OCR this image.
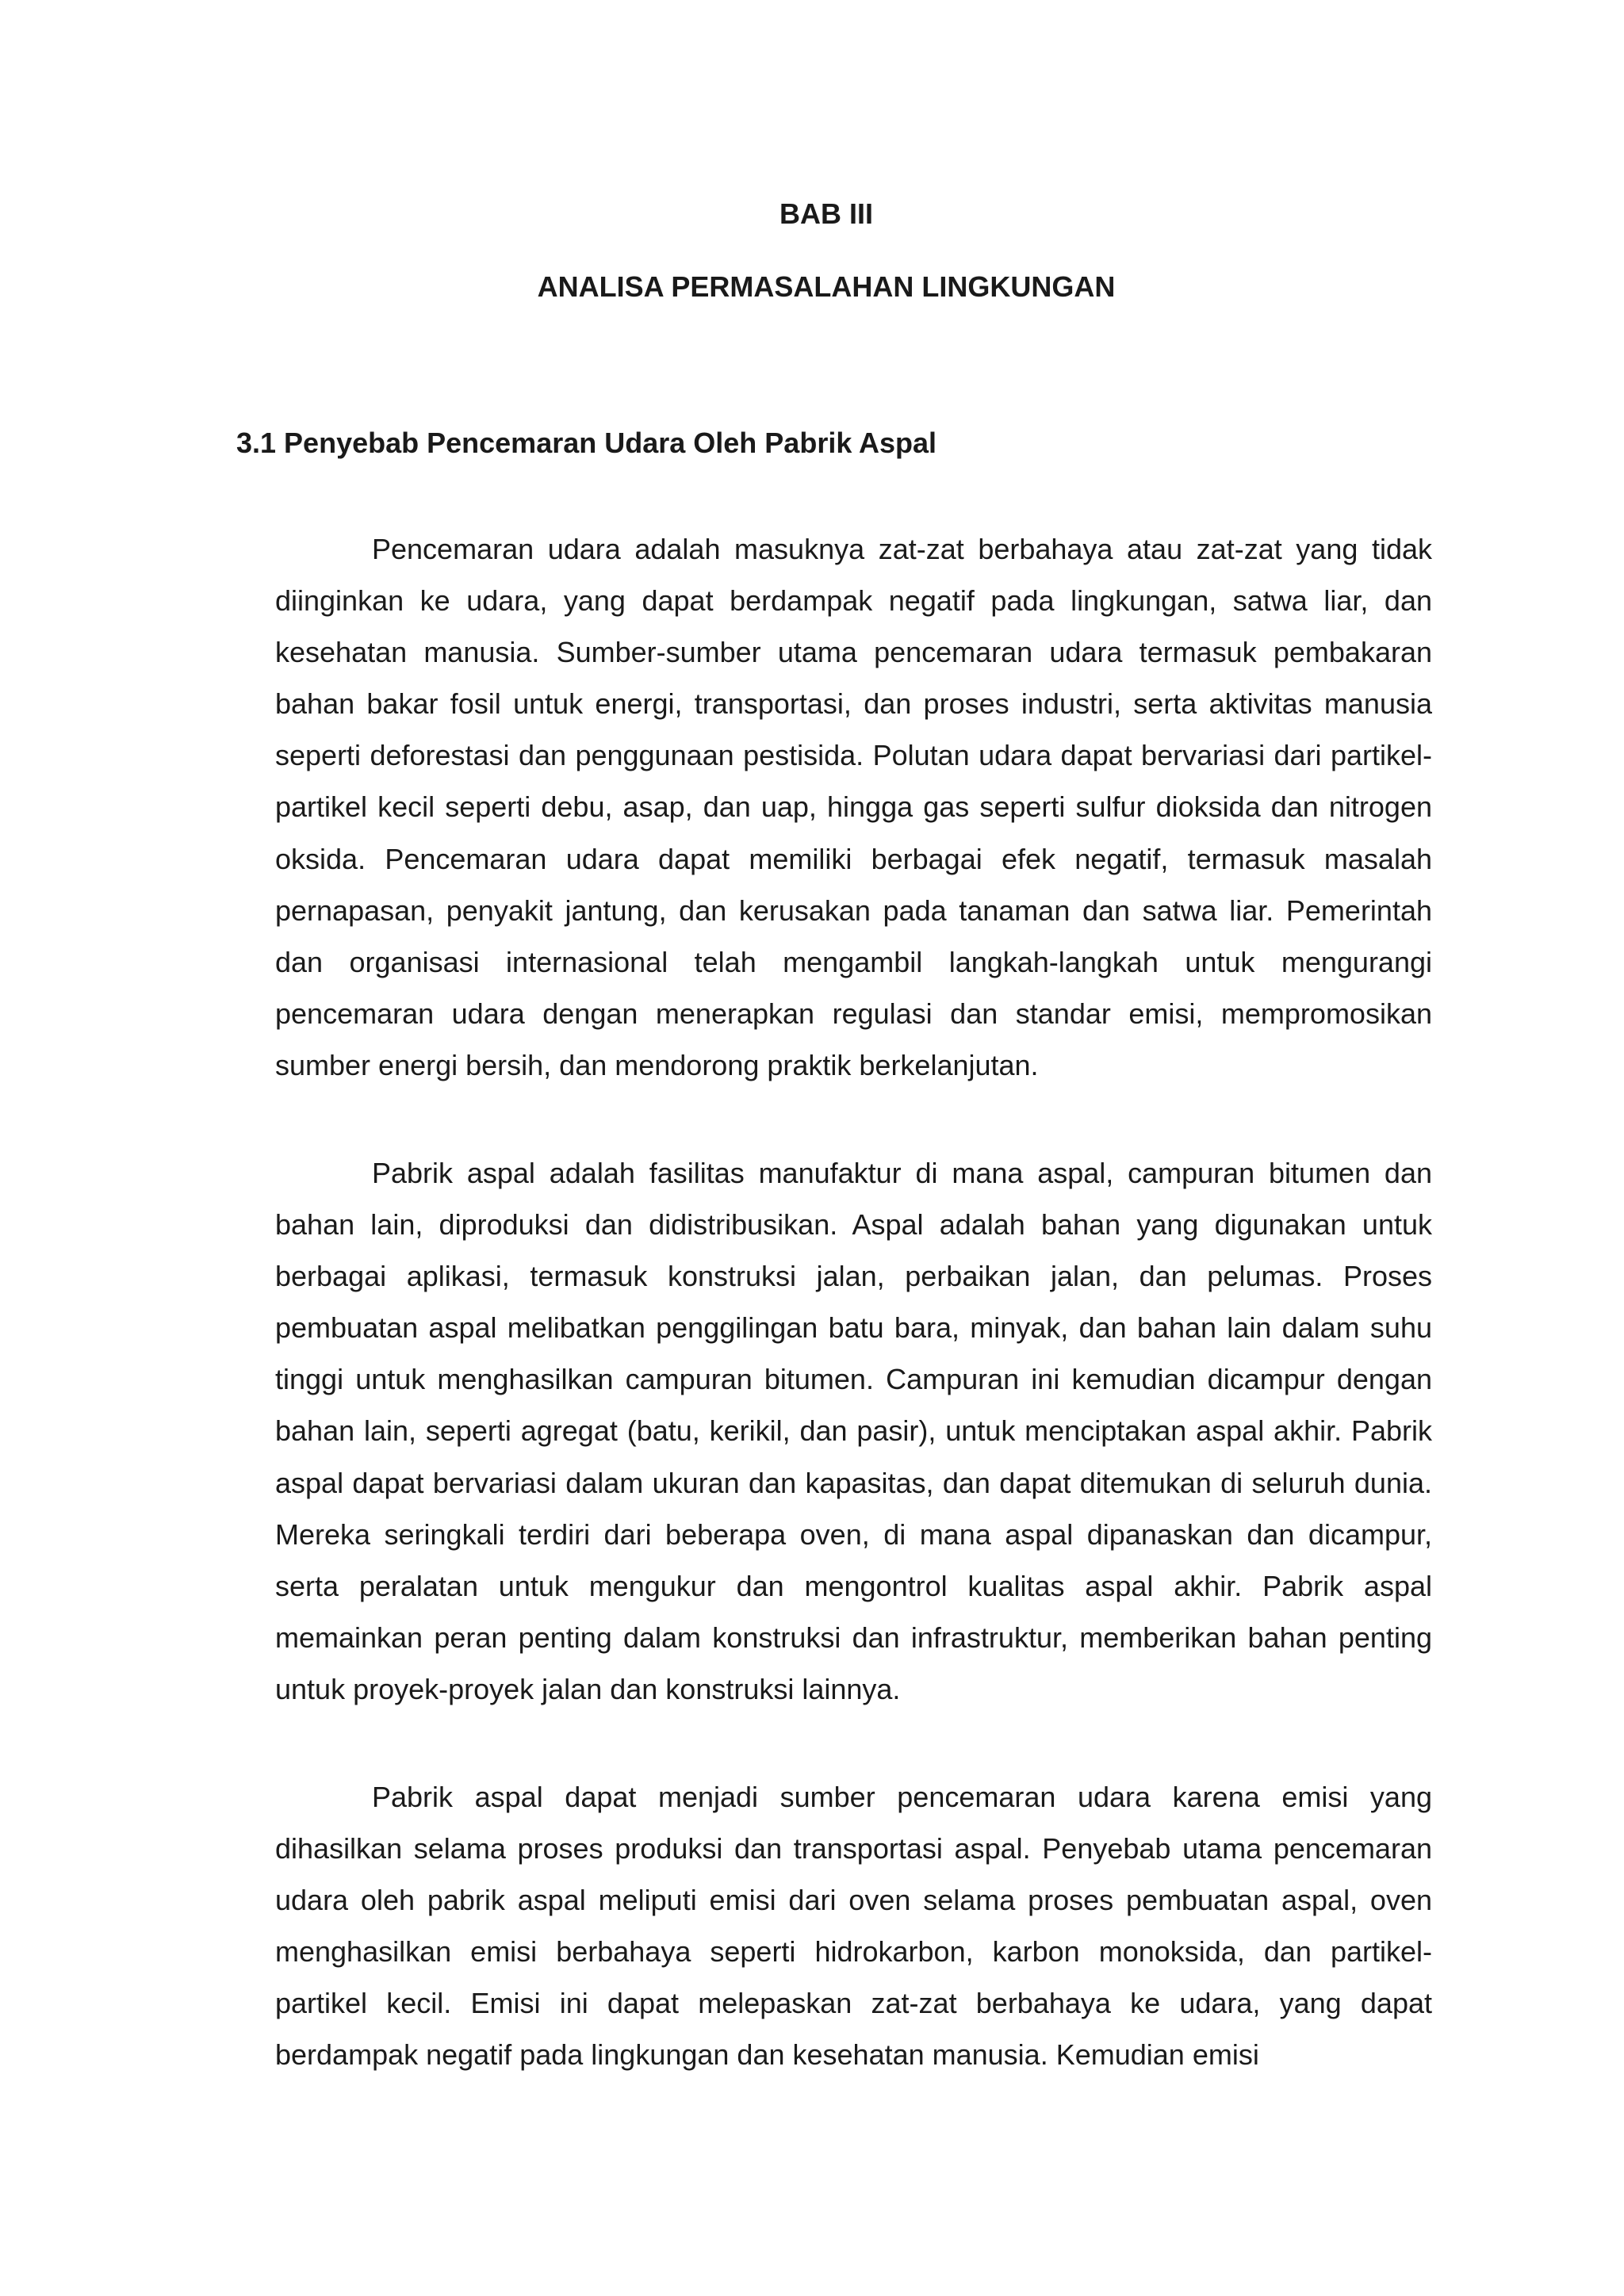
BAB III
ANALISA PERMASALAHAN LINGKUNGAN
3.1 Penyebab Pencemaran Udara Oleh Pabrik Aspal

Pencemaran udara adalah masuknya zat-zat berbahaya atau zat-zat yang tidak diinginkan ke udara, yang dapat berdampak negatif pada lingkungan, satwa liar, dan kesehatan manusia. Sumber-sumber utama pencemaran udara termasuk pembakaran bahan bakar fosil untuk energi, transportasi, dan proses industri, serta aktivitas manusia seperti deforestasi dan penggunaan pestisida. Polutan udara dapat bervariasi dari partikel-partikel kecil seperti debu, asap, dan uap, hingga gas seperti sulfur dioksida dan nitrogen oksida. Pencemaran udara dapat memiliki berbagai efek negatif, termasuk masalah pernapasan, penyakit jantung, dan kerusakan pada tanaman dan satwa liar. Pemerintah dan organisasi internasional telah mengambil langkah-langkah untuk mengurangi pencemaran udara dengan menerapkan regulasi dan standar emisi, mempromosikan sumber energi bersih, dan mendorong praktik berkelanjutan.

Pabrik aspal adalah fasilitas manufaktur di mana aspal, campuran bitumen dan bahan lain, diproduksi dan didistribusikan. Aspal adalah bahan yang digunakan untuk berbagai aplikasi, termasuk konstruksi jalan, perbaikan jalan, dan pelumas. Proses pembuatan aspal melibatkan penggilingan batu bara, minyak, dan bahan lain dalam suhu tinggi untuk menghasilkan campuran bitumen. Campuran ini kemudian dicampur dengan bahan lain, seperti agregat (batu, kerikil, dan pasir), untuk menciptakan aspal akhir. Pabrik aspal dapat bervariasi dalam ukuran dan kapasitas, dan dapat ditemukan di seluruh dunia. Mereka seringkali terdiri dari beberapa oven, di mana aspal dipanaskan dan dicampur, serta peralatan untuk mengukur dan mengontrol kualitas aspal akhir. Pabrik aspal memainkan peran penting dalam konstruksi dan infrastruktur, memberikan bahan penting untuk proyek-proyek jalan dan konstruksi lainnya.

Pabrik aspal dapat menjadi sumber pencemaran udara karena emisi yang dihasilkan selama proses produksi dan transportasi aspal. Penyebab utama pencemaran udara oleh pabrik aspal meliputi emisi dari oven selama proses pembuatan aspal, oven menghasilkan emisi berbahaya seperti hidrokarbon, karbon monoksida, dan partikel-partikel kecil. Emisi ini dapat melepaskan zat-zat berbahaya ke udara, yang dapat berdampak negatif pada lingkungan dan kesehatan manusia. Kemudian emisi
